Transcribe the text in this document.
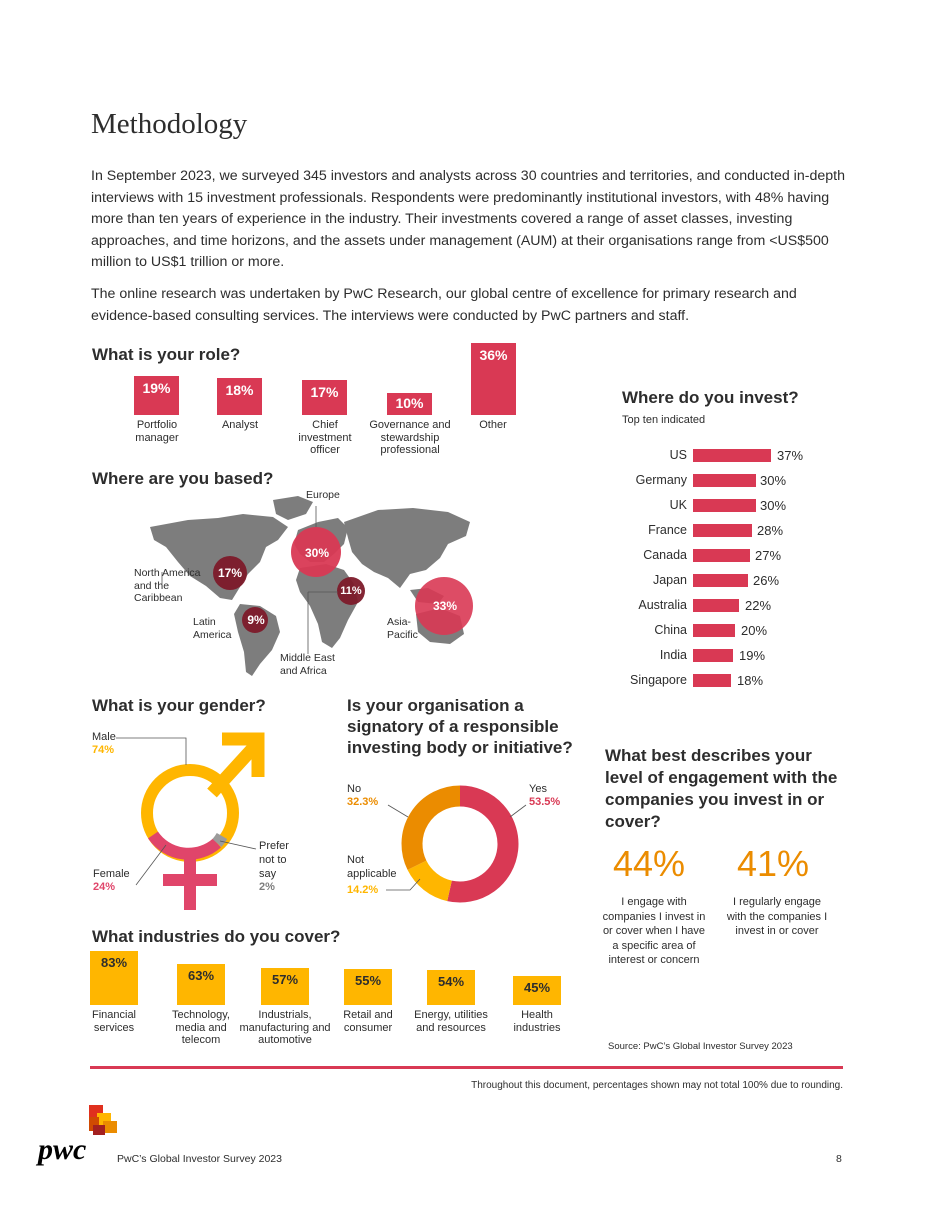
Methodology

In September 2023, we surveyed 345 investors and analysts across 30 countries and territories, and conducted in-depth interviews with 15 investment professionals. Respondents were predominantly institutional investors, with 48% having more than ten years of experience in the industry. Their investments covered a range of asset classes, investing approaches, and time horizons, and the assets under management (AUM) at their organisations range from <US$500 million to US$1 trillion or more.

The online research was undertaken by PwC Research, our global centre of excellence for primary research and evidence-based consulting services. The interviews were conducted by PwC partners and staff.

What is your role?
19%
Portfolio manager
18%
Analyst
17%
Chief investment officer
10%
Governance and stewardship professional
36%
Other
Where are you based?
30%
17%
9%
11%
33%
Europe
North America and the Caribbean
Latin America
Middle East and Africa
Asia-Pacific
Where do you invest?
Top ten indicated
US	37%
Germany	30%
UK	30%
France	28%
Canada	27%
Japan	26%
Australia	22%
China	20%
India	19%
Singapore	18%
What is your gender?
Male
74%
Female
24%
Prefer not to say
2%
Is your organisation a signatory of a responsible investing body or initiative?
Yes
53.5%
No
32.3%
Not applicable
14.2%
What best describes your level of engagement with the companies you invest in or cover?
44%
I engage with companies I invest in or cover when I have a specific area of interest or concern
41%
I regularly engage with the companies I invest in or cover
Source: PwC’s Global Investor Survey 2023
What industries do you cover?
83%
Financial services
63%
Technology, media and telecom
57%
Industrials, manufacturing and automotive
55%
Retail and consumer
54%
Energy, utilities and resources
45%
Health industries
Throughout this document, percentages shown may not total 100% due to rounding.
pwc	PwC’s Global Investor Survey 2023	8
